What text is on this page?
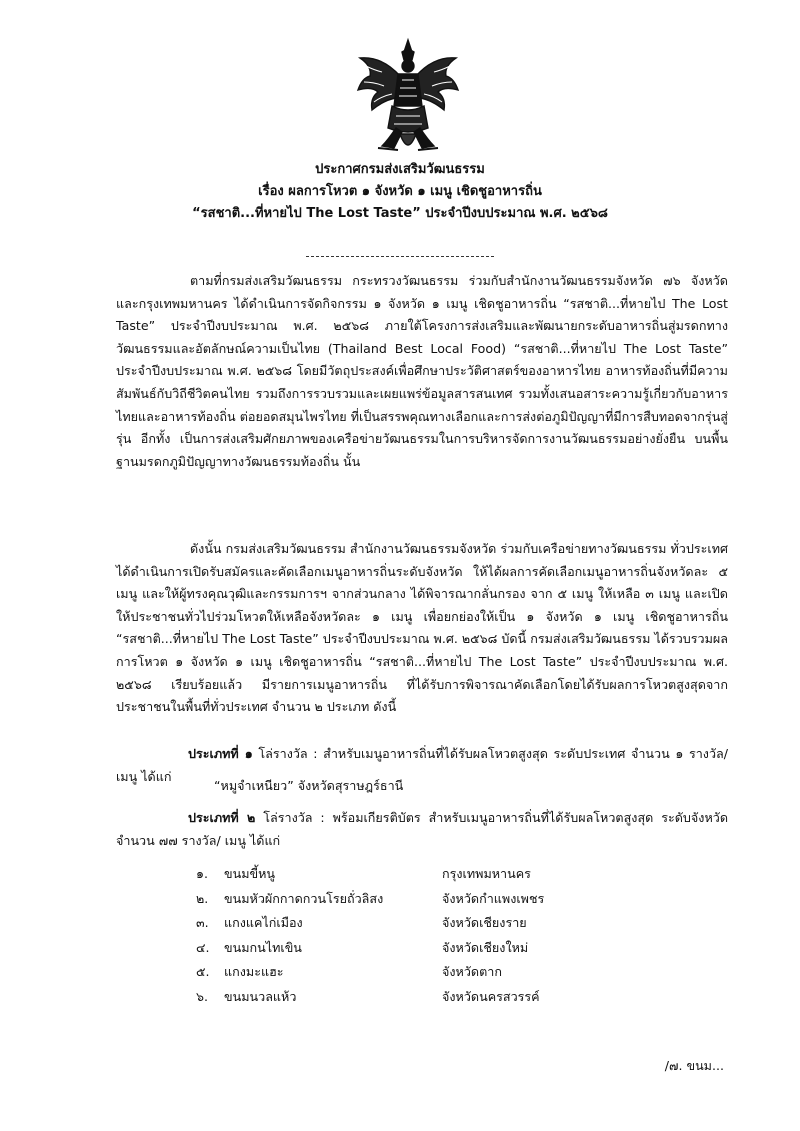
ประกาศกรมส่งเสริมวัฒนธรรม
เรื่อง ผลการโหวต ๑ จังหวัด ๑ เมนู เชิดชูอาหารถิ่น
“รสชาติ...ที่หายไป The Lost Taste” ประจำปีงบประมาณ พ.ศ. ๒๕๖๘

ตามที่กรมส่งเสริมวัฒนธรรม กระทรวงวัฒนธรรม ร่วมกับสำนักงานวัฒนธรรมจังหวัด ๗๖ จังหวัด และกรุงเทพมหานคร ได้ดำเนินการจัดกิจกรรม ๑ จังหวัด ๑ เมนู เชิดชูอาหารถิ่น “รสชาติ...ที่หายไป The Lost Taste” ประจำปีงบประมาณ พ.ศ. ๒๕๖๘ ภายใต้โครงการส่งเสริมและพัฒนายกระดับอาหารถิ่นสู่มรดกทางวัฒนธรรมและอัตลักษณ์ความเป็นไทย (Thailand Best Local Food) “รสชาติ...ที่หายไป The Lost Taste” ประจำปีงบประมาณ พ.ศ. ๒๕๖๘ โดยมีวัตถุประสงค์เพื่อศึกษาประวัติศาสตร์ของอาหารไทย อาหารท้องถิ่นที่มีความสัมพันธ์กับวิถีชีวิตคนไทย รวมถึงการรวบรวมและเผยแพร่ข้อมูลสารสนเทศ รวมทั้งเสนอสาระความรู้เกี่ยวกับอาหารไทยและอาหารท้องถิ่น ต่อยอดสมุนไพรไทย ที่เป็นสรรพคุณทางเลือกและการส่งต่อภูมิปัญญาที่มีการสืบทอดจากรุ่นสู่รุ่น อีกทั้ง เป็นการส่งเสริมศักยภาพของเครือข่ายวัฒนธรรมในการบริหารจัดการงานวัฒนธรรมอย่างยั่งยืน บนพื้นฐานมรดกภูมิปัญญาทางวัฒนธรรมท้องถิ่น นั้น

ดังนั้น กรมส่งเสริมวัฒนธรรม สำนักงานวัฒนธรรมจังหวัด ร่วมกับเครือข่ายทางวัฒนธรรม ทั่วประเทศ ได้ดำเนินการเปิดรับสมัครและคัดเลือกเมนูอาหารถิ่นระดับจังหวัด ให้ได้ผลการคัดเลือกเมนูอาหารถิ่นจังหวัดละ ๕ เมนู และให้ผู้ทรงคุณวุฒิและกรรมการฯ จากส่วนกลาง ได้พิจารณากลั่นกรอง จาก ๕ เมนู ให้เหลือ ๓ เมนู และเปิดให้ประชาชนทั่วไปร่วมโหวตให้เหลือจังหวัดละ ๑ เมนู เพื่อยกย่องให้เป็น ๑ จังหวัด ๑ เมนู เชิดชูอาหารถิ่น “รสชาติ...ที่หายไป The Lost Taste” ประจำปีงบประมาณ พ.ศ. ๒๕๖๘ บัดนี้ กรมส่งเสริมวัฒนธรรม ได้รวบรวมผลการโหวต ๑ จังหวัด ๑ เมนู เชิดชูอาหารถิ่น “รสชาติ...ที่หายไป The Lost Taste” ประจำปีงบประมาณ พ.ศ. ๒๕๖๘ เรียบร้อยแล้ว มีรายการเมนูอาหารถิ่น ที่ได้รับการพิจารณาคัดเลือกโดยได้รับผลการโหวตสูงสุดจากประชาชนในพื้นที่ทั่วประเทศ จำนวน ๒ ประเภท ดังนี้

ประเภทที่ ๑ โล่รางวัล : สำหรับเมนูอาหารถิ่นที่ได้รับผลโหวตสูงสุด ระดับประเทศ จำนวน ๑ รางวัล/ เมนู ได้แก่

“หมูจำเหนียว” จังหวัดสุราษฎร์ธานี

ประเภทที่ ๒ โล่รางวัล : พร้อมเกียรติบัตร สำหรับเมนูอาหารถิ่นที่ได้รับผลโหวตสูงสุด ระดับจังหวัด จำนวน ๗๗ รางวัล/ เมนู ได้แก่

๑.	ขนมขี้หนู	กรุงเทพมหานคร
๒.	ขนมหัวผักกาดกวนโรยถั่วลิสง	จังหวัดกำแพงเพชร
๓.	แกงแคไก่เมือง	จังหวัดเชียงราย
๔.	ขนมกนไทเขิน	จังหวัดเชียงใหม่
๕.	แกงมะแฮะ	จังหวัดตาก
๖.	ขนมนวลแห้ว	จังหวัดนครสวรรค์
/๗. ขนม...
